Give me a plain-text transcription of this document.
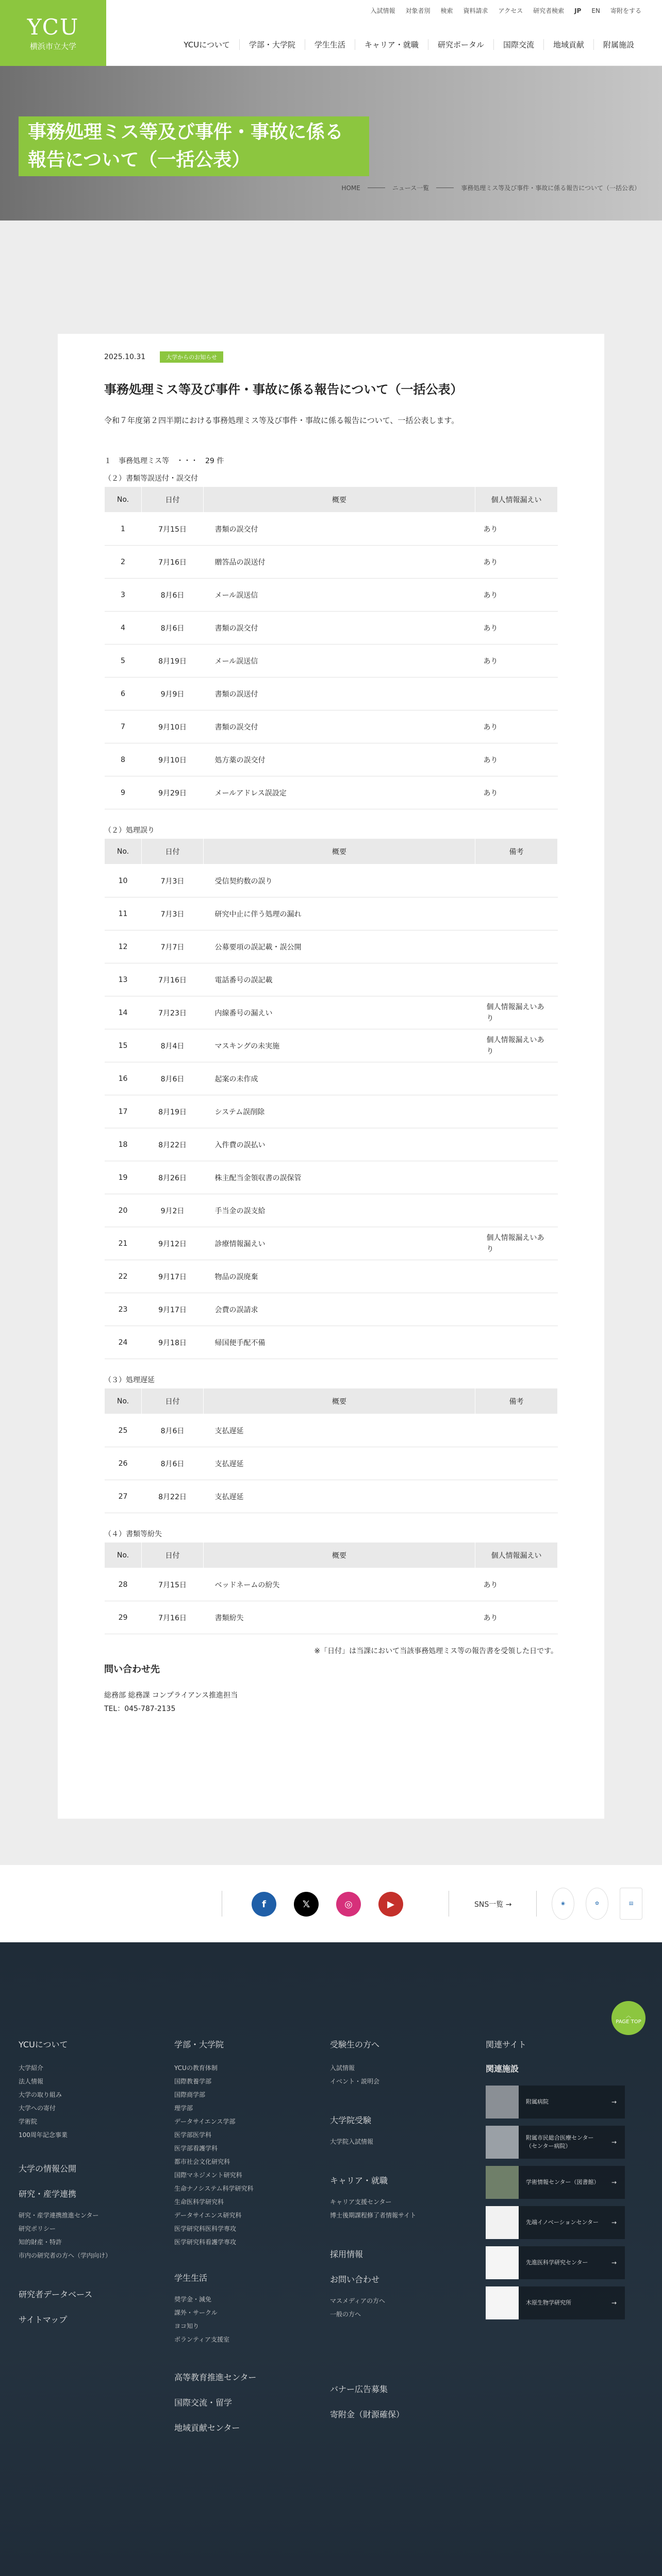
YCU
横浜市立大学
入試情報 対象者別 検索 資料請求 アクセス 研究者検索 JP EN 寄附をする
YCUについて	学部・大学院	学生生活	キャリア・就職	研究ポータル	国際交流	地域貢献	附属施設
事務処理ミス等及び事件・事故に係る報告について（一括公表）
HOME	ニュース一覧	事務処理ミス等及び事件・事故に係る報告について（一括公表）
2025.10.31	大学からのお知らせ
事務処理ミス等及び事件・事故に係る報告について（一括公表）

令和７年度第２四半期における事務処理ミス等及び事件・事故に係る報告について、一括公表します。

１　事務処理ミス等　・・・　29 件

（２）書類等誤送付・誤交付

No.	日付	概要	個人情報漏えい
1	7月15日	書類の誤交付	あり
2	7月16日	贈答品の誤送付	あり
3	8月6日	メール誤送信	あり
4	8月6日	書類の誤交付	あり
5	8月19日	メール誤送信	あり
6	9月9日	書類の誤送付	
7	9月10日	書類の誤交付	あり
8	9月10日	処方薬の誤交付	あり
9	9月29日	メールアドレス誤設定	あり

（２）処理誤り

No.	日付	概要	備考
10	7月3日	受信契約数の誤り	
11	7月3日	研究中止に伴う処理の漏れ	
12	7月7日	公募要項の誤記載・誤公開	
13	7月16日	電話番号の誤記載	
14	7月23日	内線番号の漏えい	個人情報漏えいあり
15	8月4日	マスキングの未実施	個人情報漏えいあり
16	8月6日	起案の未作成	
17	8月19日	システム誤削除	
18	8月22日	入件費の誤払い	
19	8月26日	株主配当金領収書の誤保管	
20	9月2日	手当金の誤支給	
21	9月12日	診療情報漏えい	個人情報漏えいあり
22	9月17日	物品の誤廃棄	
23	9月17日	会費の誤請求	
24	9月18日	帰国便手配不備	

（３）処理遅延

No.	日付	概要	備考
25	8月6日	支払遅延	
26	8月6日	支払遅延	
27	8月22日	支払遅延	

（４）書類等紛失

No.	日付	概要	個人情報漏えい
28	7月15日	ベッドネームの紛失	あり
29	7月16日	書類紛失	あり

※「日付」は当課において当該事務処理ミス等の報告書を受領した日です。

問い合わせ先

総務部 総務課 コンプライアンス推進担当
TEL：045-787-2135
f	𝕏	◎	▶	SNS一覧 →	◉	✿	▤
︿
PAGE TOP
YCUについて
大学紹介
法人情報
大学の取り組み
大学への寄付
学術院
100周年記念事業
大学の情報公開
研究・産学連携
研究・産学連携推進センター
研究ポリシー
知的財産・特許
市内の研究者の方へ（学内向け）
研究者データベース
サイトマップ
学部・大学院
YCUの教育体制
国際教養学部
国際商学部
理学部
データサイエンス学部
医学部医学科
医学部看護学科
都市社会文化研究科
国際マネジメント研究科
生命ナノシステム科学研究科
生命医科学研究科
データサイエンス研究科
医学研究科医科学専攻
医学研究科看護学専攻
学生生活
奨学金・減免
課外・サークル
ヨコ知り
ボランティア支援室
高等教育推進センター
国際交流・留学
地域貢献センター
受験生の方へ
入試情報
イベント・説明会
大学院受験
大学院入試情報
キャリア・就職
キャリア支援センター
博士後期課程修了者情報サイト
採用情報
お問い合わせ
マスメディアの方へ
一般の方へ
バナー広告募集
寄附金（財源確保）
関連サイト
関連施設
附属病院	→
附属市民総合医療センター（センター病院）
→
学術情報センター（図書館）	→
先端イノベーションセンター	→
先進医科学研究センター	→
木原生物学研究所	→
